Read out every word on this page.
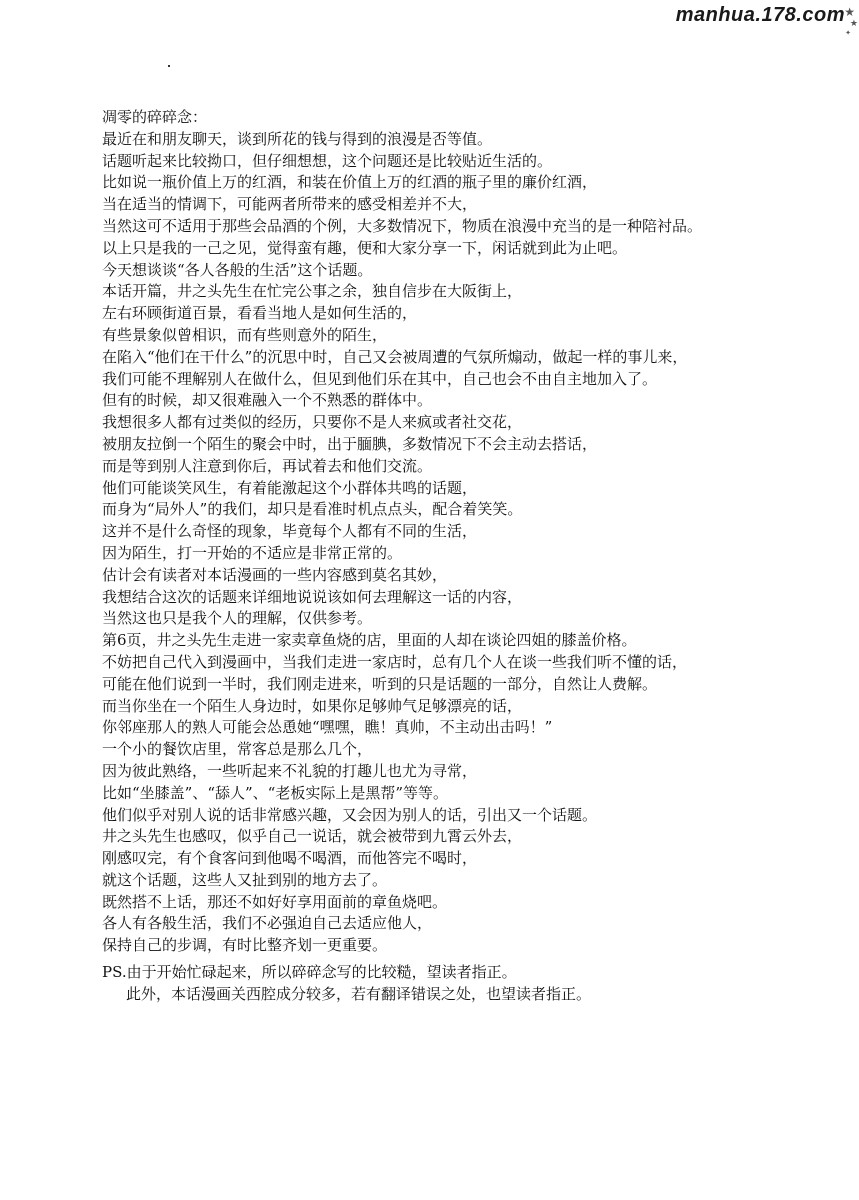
manhua.178.com ★
★
✦

凋零的碎碎念：

最近在和朋友聊天，谈到所花的钱与得到的浪漫是否等值。

话题听起来比较拗口，但仔细想想，这个问题还是比较贴近生活的。

比如说一瓶价值上万的红酒，和装在价值上万的红酒的瓶子里的廉价红酒，

当在适当的情调下，可能两者所带来的感受相差并不大，

当然这可不适用于那些会品酒的个例，大多数情况下，物质在浪漫中充当的是一种陪衬品。

以上只是我的一己之见，觉得蛮有趣，便和大家分享一下，闲话就到此为止吧。

今天想谈谈“各人各般的生活”这个话题。

本话开篇，井之头先生在忙完公事之余，独自信步在大阪街上，

左右环顾街道百景，看看当地人是如何生活的，

有些景象似曾相识，而有些则意外的陌生，

在陷入“他们在干什么”的沉思中时，自己又会被周遭的气氛所煽动，做起一样的事儿来，

我们可能不理解别人在做什么，但见到他们乐在其中，自己也会不由自主地加入了。

但有的时候，却又很难融入一个不熟悉的群体中。

我想很多人都有过类似的经历，只要你不是人来疯或者社交花，

被朋友拉倒一个陌生的聚会中时，出于腼腆，多数情况下不会主动去搭话，

而是等到别人注意到你后，再试着去和他们交流。

他们可能谈笑风生，有着能激起这个小群体共鸣的话题，

而身为“局外人”的我们，却只是看准时机点点头，配合着笑笑。

这并不是什么奇怪的现象，毕竟每个人都有不同的生活，

因为陌生，打一开始的不适应是非常正常的。

估计会有读者对本话漫画的一些内容感到莫名其妙，

我想结合这次的话题来详细地说说该如何去理解这一话的内容，

当然这也只是我个人的理解，仅供参考。

第6页，井之头先生走进一家卖章鱼烧的店，里面的人却在谈论四姐的膝盖价格。

不妨把自己代入到漫画中，当我们走进一家店时，总有几个人在谈一些我们听不懂的话，

可能在他们说到一半时，我们刚走进来，听到的只是话题的一部分，自然让人费解。

而当你坐在一个陌生人身边时，如果你足够帅气足够漂亮的话，

你邻座那人的熟人可能会怂恿她“嘿嘿，瞧！真帅，不主动出击吗！”

一个小的餐饮店里，常客总是那么几个，

因为彼此熟络，一些听起来不礼貌的打趣儿也尤为寻常，

比如“坐膝盖”、“舔人”、“老板实际上是黑帮”等等。

他们似乎对别人说的话非常感兴趣，又会因为别人的话，引出又一个话题。

井之头先生也感叹，似乎自己一说话，就会被带到九霄云外去，

刚感叹完，有个食客问到他喝不喝酒，而他答完不喝时，

就这个话题，这些人又扯到别的地方去了。

既然搭不上话，那还不如好好享用面前的章鱼烧吧。

各人有各般生活，我们不必强迫自己去适应他人，

保持自己的步调，有时比整齐划一更重要。

PS.由于开始忙碌起来，所以碎碎念写的比较糙，望读者指正。

此外，本话漫画关西腔成分较多，若有翻译错误之处，也望读者指正。
